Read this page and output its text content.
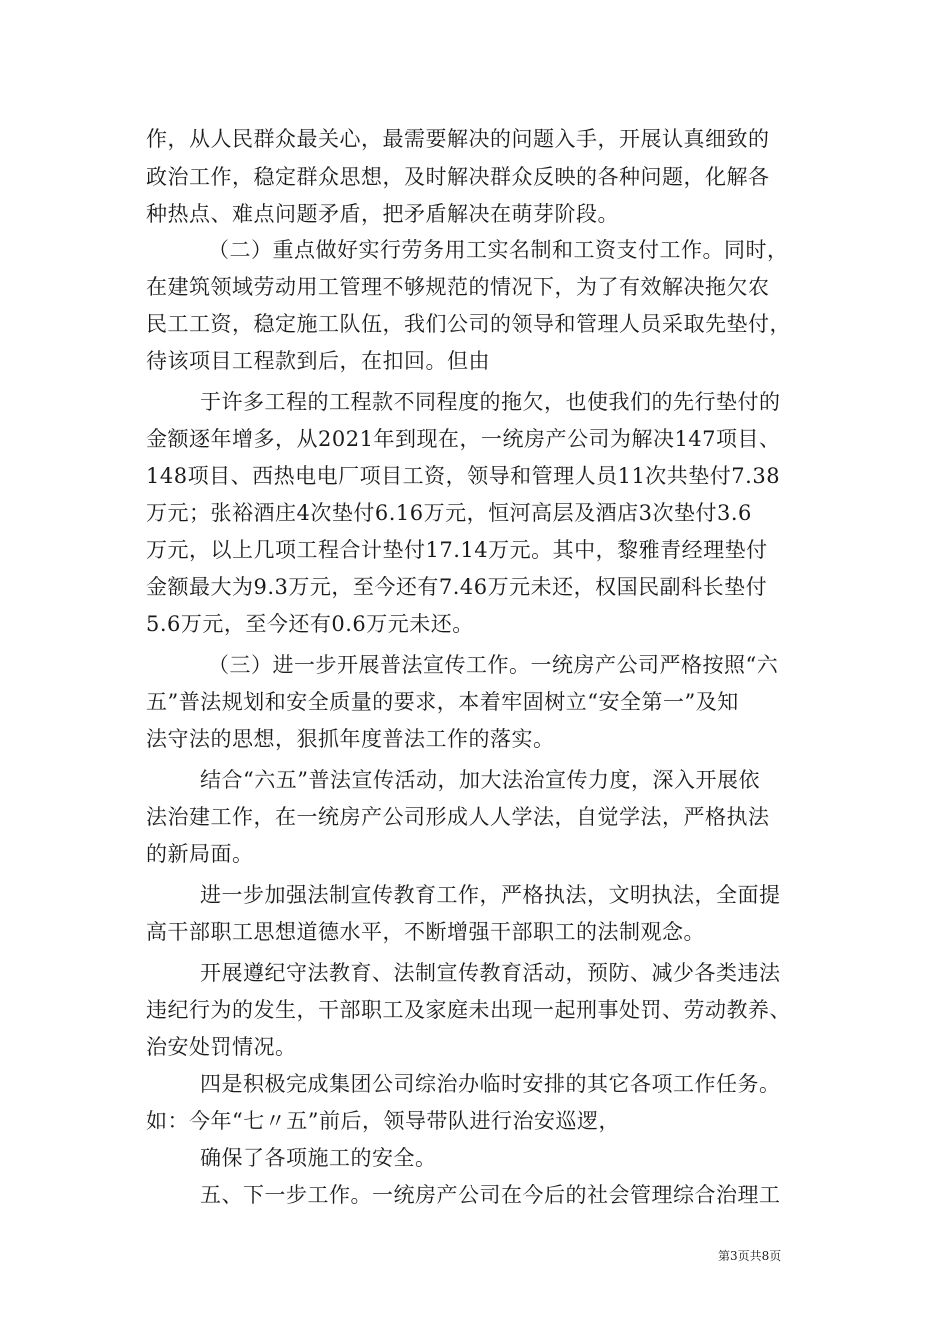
作，从人民群众最关心，最需要解决的问题入手，开展认真细致的
政治工作，稳定群众思想，及时解决群众反映的各种问题，化解各
种热点、难点问题矛盾，把矛盾解决在萌芽阶段。
（二）重点做好实行劳务用工实名制和工资支付工作。同时，
在建筑领域劳动用工管理不够规范的情况下，为了有效解决拖欠农
民工工资，稳定施工队伍，我们公司的领导和管理人员采取先垫付，
待该项目工程款到后，在扣回。但由
于许多工程的工程款不同程度的拖欠，也使我们的先行垫付的
金额逐年增多，从2021年到现在，一统房产公司为解决147项目、
148项目、西热电电厂项目工资，领导和管理人员11次共垫付7.38
万元；张裕酒庄4次垫付6.16万元，恒河高层及酒店3次垫付3.6
万元，以上几项工程合计垫付17.14万元。其中，黎雅青经理垫付
金额最大为9.3万元，至今还有7.46万元未还，权国民副科长垫付
5.6万元，至今还有0.6万元未还。
（三）进一步开展普法宣传工作。一统房产公司严格按照“六
五”普法规划和安全质量的要求，本着牢固树立“安全第一”及知
法守法的思想，狠抓年度普法工作的落实。
结合“六五”普法宣传活动，加大法治宣传力度，深入开展依
法治建工作，在一统房产公司形成人人学法，自觉学法，严格执法
的新局面。
进一步加强法制宣传教育工作，严格执法，文明执法，全面提
高干部职工思想道德水平，不断增强干部职工的法制观念。
开展遵纪守法教育、法制宣传教育活动，预防、减少各类违法
违纪行为的发生，干部职工及家庭未出现一起刑事处罚、劳动教养、
治安处罚情况。
四是积极完成集团公司综治办临时安排的其它各项工作任务。
如：今年“七〃五”前后，领导带队进行治安巡逻，
确保了各项施工的安全。
五、下一步工作。一统房产公司在今后的社会管理综合治理工
第3页共8页
